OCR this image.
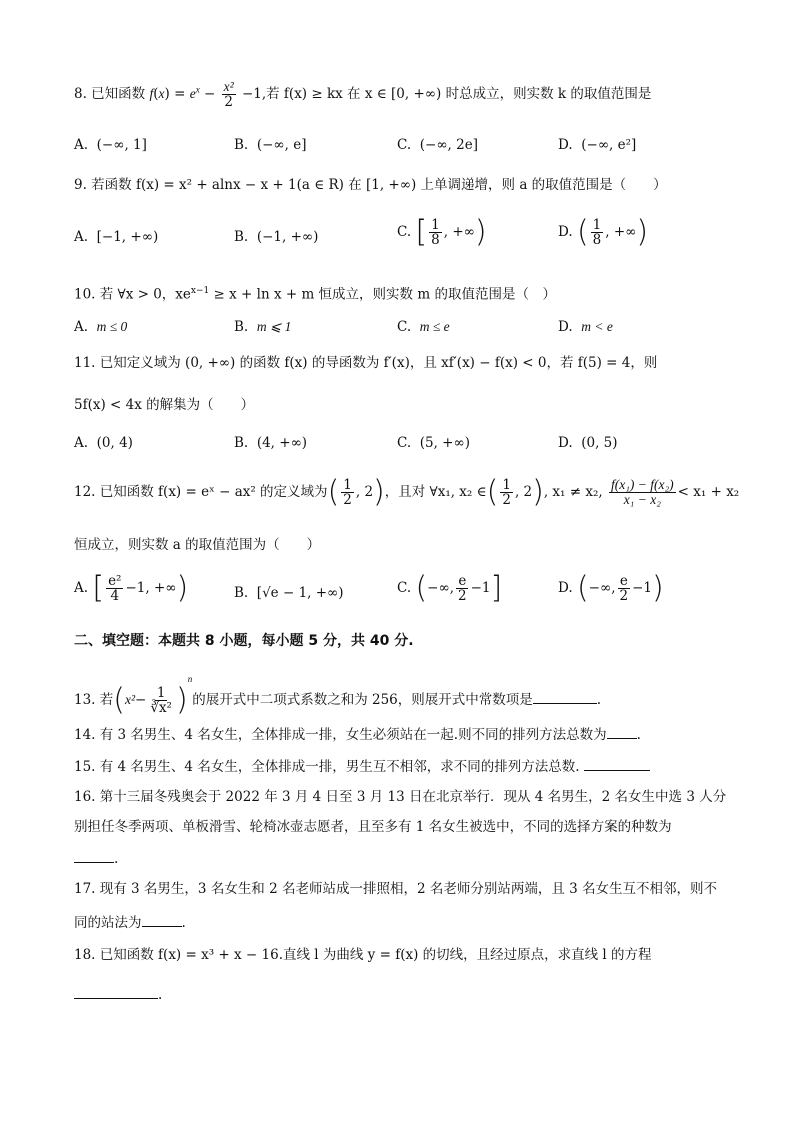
8. 已知函数 $f(x) = e^x - \frac{\text{x²}}{2} -1$,若 f(x) ≥ kx 在 x ∈ [0, +∞) 时总成立，则实数 k 的取值范围是
A. (−∞, 1]	B. (−∞, e]	C. (−∞, 2e]	D. (−∞, e²]
9. 若函数 f(x) = x² + alnx − x + 1(a ∈ R) 在 [1, +∞) 上单调递增，则 a 的取值范围是（　　）
A. [−1, +∞)	B. (−1, +∞)	C. [ $\frac{1}{8}$ , +∞)	D. ( $\frac{1}{8}$ , +∞)
10. 若 ∀x > 0，$xe^{x-1} \ge x + \ln x + m$ 恒成立，则实数 m 的取值范围是（　）
A. m ≤ 0	B. m ⩽ 1	C. m ≤ e	D. m < e
11. 已知定义域为 (0, +∞) 的函数 f(x) 的导函数为 f′(x)，且 xf′(x) − f(x) < 0，若 f(5) = 4，则
5f(x) < 4x 的解集为（　　）
A. (0, 4)	B. (4, +∞)	C. (5, +∞)	D. (0, 5)
12. 已知函数 f(x) = eˣ − ax² 的定义域为( $\frac{1}{2}$ , 2)，且对 ∀x₁, x₂ ∈( $\frac{1}{2}$ , 2), x₁ ≠ x₂, $\frac{\text{f(x₁) − f(x₂)}}{\text{x₁ − x₂}} < x_1 + x_2$
恒成立，则实数 a 的取值范围为（　　）
A. [ $\frac{\text{e²}}{4} -1$, +∞)	B.  [√e − 1, +∞)	C. (−∞, $\frac{e}{2} -1$]	D. (−∞, $\frac{e}{2} -1$)
二、填空题：本题共 8 小题，每小题 5 分，共 40 分.
13. 若$(x^2- \frac{1}{\text{∛x²}} )^n$的展开式中二项式系数之和为 256，则展开式中常数项是	.
14. 有 3 名男生、4 名女生，全体排成一排，女生必须站在一起.则不同的排列方法总数为 .
15. 有 4 名男生、4 名女生，全体排成一排，男生互不相邻，求不同的排列方法总数.
16. 第十三届冬残奥会于 2022 年 3 月 4 日至 3 月 13 日在北京举行．现从 4 名男生，2 名女生中选 3 人分
别担任冬季两项、单板滑雪、轮椅冰壶志愿者，且至多有 1 名女生被选中，不同的选择方案的种数为
.
17. 现有 3 名男生，3 名女生和 2 名老师站成一排照相，2 名老师分别站两端，且 3 名女生互不相邻，则不
同的站法为	.
18. 已知函数 f(x) = x³ + x − 16.直线 l 为曲线 y = f(x) 的切线，且经过原点，求直线 l 的方程
.
